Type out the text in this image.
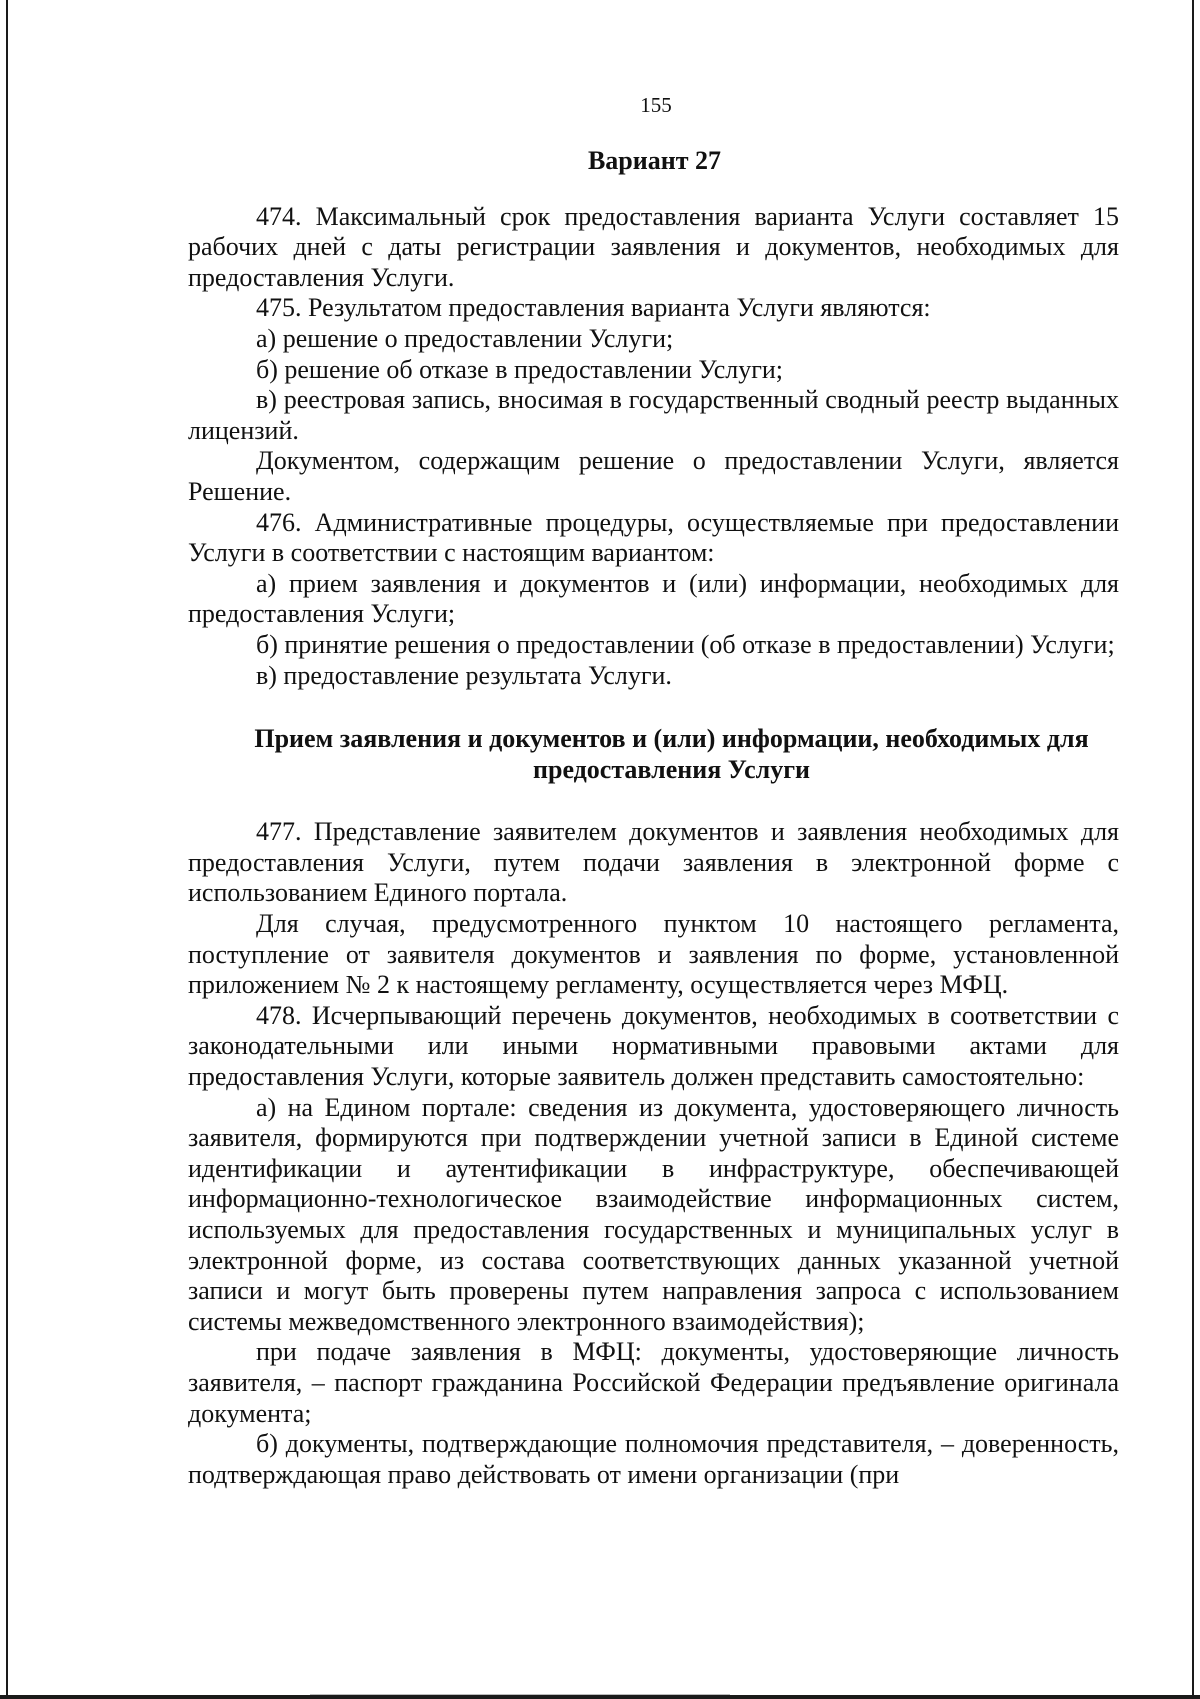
155

Вариант 27

474. Максимальный срок предоставления варианта Услуги составляет 15 рабочих дней с даты регистрации заявления и документов, необходимых для предоставления Услуги.

475. Результатом предоставления варианта Услуги являются:

а) решение о предоставлении Услуги;

б) решение об отказе в предоставлении Услуги;

в) реестровая запись, вносимая в государственный сводный реестр выданных лицензий.

Документом, содержащим решение о предоставлении Услуги, является Решение.

476. Административные процедуры, осуществляемые при предоставлении Услуги в соответствии с настоящим вариантом:

а) прием заявления и документов и (или) информации, необходимых для предоставления Услуги;

б) принятие решения о предоставлении (об отказе в предоставлении) Услуги;

в) предоставление результата Услуги.

Прием заявления и документов и (или) информации, необходимых для предоставления Услуги

477. Представление заявителем документов и заявления необходимых для предоставления Услуги, путем подачи заявления в электронной форме с использованием Единого портала.

Для случая, предусмотренного пунктом 10 настоящего регламента, поступление от заявителя документов и заявления по форме, установленной приложением № 2 к настоящему регламенту, осуществляется через МФЦ.

478. Исчерпывающий перечень документов, необходимых в соответствии с законодательными или иными нормативными правовыми актами для предоставления Услуги, которые заявитель должен представить самостоятельно:

а) на Едином портале: сведения из документа, удостоверяющего личность заявителя, формируются при подтверждении учетной записи в Единой системе идентификации и аутентификации в инфраструктуре, обеспечивающей информационно-технологическое взаимодействие информационных систем, используемых для предоставления государственных и муниципальных услуг в электронной форме, из состава соответствующих данных указанной учетной записи и могут быть проверены путем направления запроса с использованием системы межведомственного электронного взаимодействия);

при подаче заявления в МФЦ: документы, удостоверяющие личность заявителя, – паспорт гражданина Российской Федерации предъявление оригинала документа;

б) документы, подтверждающие полномочия представителя, – доверенность, подтверждающая право действовать от имени организации (при
